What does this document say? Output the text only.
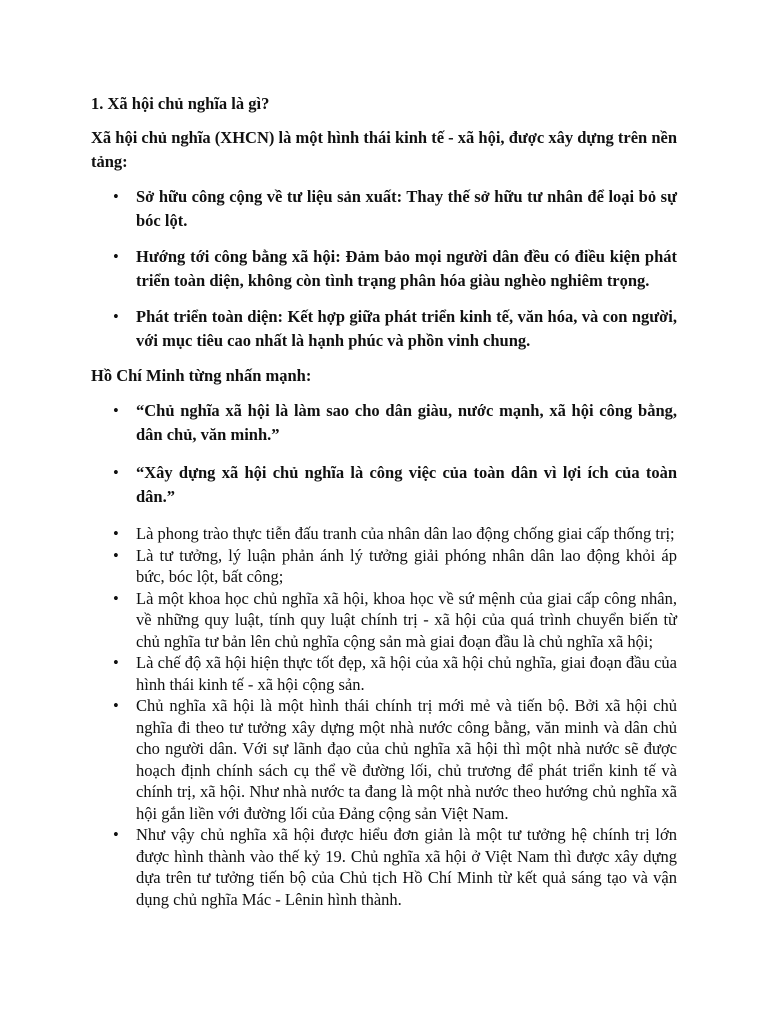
1. Xã hội chủ nghĩa là gì?

Xã hội chủ nghĩa (XHCN) là một hình thái kinh tế - xã hội, được xây dựng trên nền tảng:

• Sở hữu công cộng về tư liệu sản xuất: Thay thế sở hữu tư nhân để loại bỏ sự bóc lột.
• Hướng tới công bằng xã hội: Đảm bảo mọi người dân đều có điều kiện phát triển toàn diện, không còn tình trạng phân hóa giàu nghèo nghiêm trọng.
• Phát triển toàn diện: Kết hợp giữa phát triển kinh tế, văn hóa, và con người, với mục tiêu cao nhất là hạnh phúc và phồn vinh chung.

Hồ Chí Minh từng nhấn mạnh:

• “Chủ nghĩa xã hội là làm sao cho dân giàu, nước mạnh, xã hội công bằng, dân chủ, văn minh.”
• “Xây dựng xã hội chủ nghĩa là công việc của toàn dân vì lợi ích của toàn dân.”
• Là phong trào thực tiễn đấu tranh của nhân dân lao động chống giai cấp thống trị;
• Là tư tưởng, lý luận phản ánh lý tưởng giải phóng nhân dân lao động khỏi áp bức, bóc lột, bất công;
• Là một khoa học chủ nghĩa xã hội, khoa học về sứ mệnh của giai cấp công nhân, về những quy luật, tính quy luật chính trị - xã hội của quá trình chuyển biến từ chủ nghĩa tư bản lên chủ nghĩa cộng sản mà giai đoạn đầu là chủ nghĩa xã hội;
• Là chế độ xã hội hiện thực tốt đẹp, xã hội của xã hội chủ nghĩa, giai đoạn đầu của hình thái kinh tế - xã hội cộng sản.
• Chủ nghĩa xã hội là một hình thái chính trị mới mẻ và tiến bộ. Bởi xã hội chủ nghĩa đi theo tư tưởng xây dựng một nhà nước công bằng, văn minh và dân chủ cho người dân. Với sự lãnh đạo của chủ nghĩa xã hội thì một nhà nước sẽ được hoạch định chính sách cụ thể về đường lối, chủ trương để phát triển kinh tế và chính trị, xã hội. Như nhà nước ta đang là một nhà nước theo hướng chủ nghĩa xã hội gắn liền với đường lối của Đảng cộng sản Việt Nam.
• Như vậy chủ nghĩa xã hội được hiểu đơn giản là một tư tưởng hệ chính trị lớn được hình thành vào thế kỷ 19. Chủ nghĩa xã hội ở Việt Nam thì được xây dựng dựa trên tư tưởng tiến bộ của Chủ tịch Hồ Chí Minh từ kết quả sáng tạo và vận dụng chủ nghĩa Mác - Lênin hình thành.
